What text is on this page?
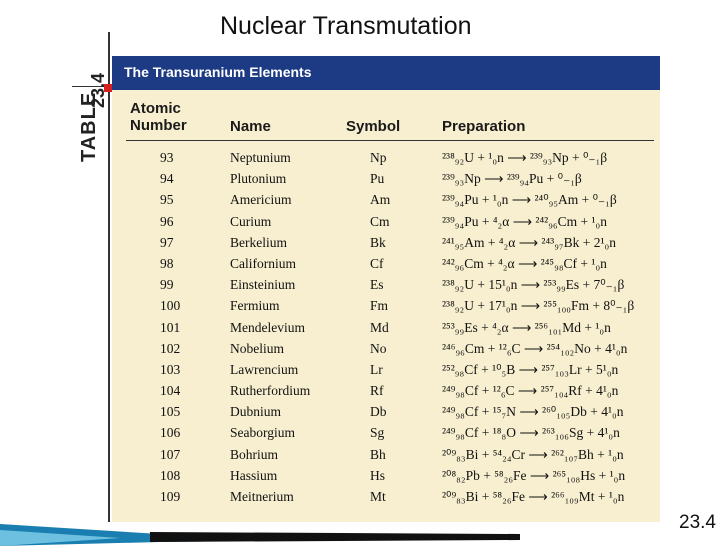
Nuclear Transmutation
23.4
TABLE
The Transuranium Elements
Atomic
Number	Name	Symbol	Preparation
93	Neptunium	Np	²³⁸₉₂U + ¹₀n ⟶ ²³⁹₉₃Np + ⁰₋₁β
94	Plutonium	Pu	²³⁹₉₃Np ⟶ ²³⁹₉₄Pu + ⁰₋₁β
95	Americium	Am	²³⁹₉₄Pu + ¹₀n ⟶ ²⁴⁰₉₅Am + ⁰₋₁β
96	Curium	Cm	²³⁹₉₄Pu + ⁴₂α ⟶ ²⁴²₉₆Cm + ¹₀n
97	Berkelium	Bk	²⁴¹₉₅Am + ⁴₂α ⟶ ²⁴³₉₇Bk + 2¹₀n
98	Californium	Cf	²⁴²₉₆Cm + ⁴₂α ⟶ ²⁴⁵₉₈Cf + ¹₀n
99	Einsteinium	Es	²³⁸₉₂U + 15¹₀n ⟶ ²⁵³₉₉Es + 7⁰₋₁β
100	Fermium	Fm	²³⁸₉₂U + 17¹₀n ⟶ ²⁵⁵₁₀₀Fm + 8⁰₋₁β
101	Mendelevium	Md	²⁵³₉₉Es + ⁴₂α ⟶ ²⁵⁶₁₀₁Md + ¹₀n
102	Nobelium	No	²⁴⁶₉₆Cm + ¹²₆C ⟶ ²⁵⁴₁₀₂No + 4¹₀n
103	Lawrencium	Lr	²⁵²₉₈Cf + ¹⁰₅B ⟶ ²⁵⁷₁₀₃Lr + 5¹₀n
104	Rutherfordium	Rf	²⁴⁹₉₈Cf + ¹²₆C ⟶ ²⁵⁷₁₀₄Rf + 4¹₀n
105	Dubnium	Db	²⁴⁹₉₈Cf + ¹⁵₇N ⟶ ²⁶⁰₁₀₅Db + 4¹₀n
106	Seaborgium	Sg	²⁴⁹₉₈Cf + ¹⁸₈O ⟶ ²⁶³₁₀₆Sg + 4¹₀n
107	Bohrium	Bh	²⁰⁹₈₃Bi + ⁵⁴₂₄Cr ⟶ ²⁶²₁₀₇Bh + ¹₀n
108	Hassium	Hs	²⁰⁸₈₂Pb + ⁵⁸₂₆Fe ⟶ ²⁶⁵₁₀₈Hs + ¹₀n
109	Meitnerium	Mt	²⁰⁹₈₃Bi + ⁵⁸₂₆Fe ⟶ ²⁶⁶₁₀₉Mt + ¹₀n
23.4
